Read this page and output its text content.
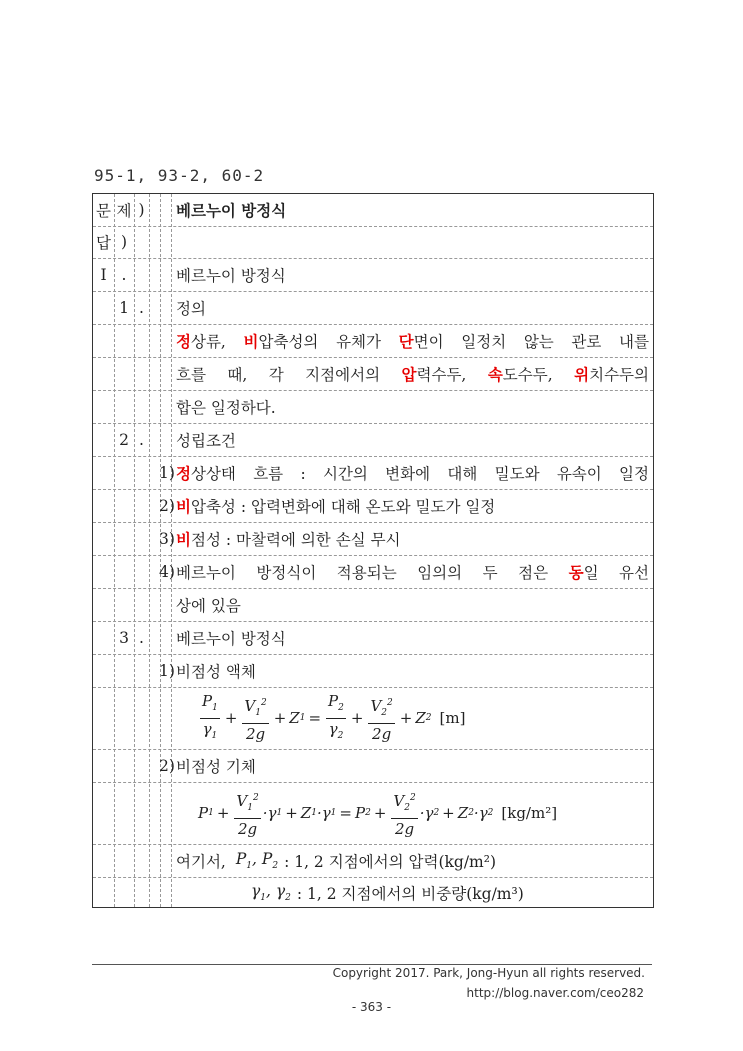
95-1, 93-2, 60-2
문 제 ) 베르누이 방정식
답 )
I .	베르누이 방정식
1 .	정의
정상류, 비압축성의 유체가 단면이 일정치 않는 관로 내를
흐를 때, 각 지점에서의 압력수두, 속도수두, 위치수두의
합은 일정하다.
2 .	성립조건
1) 정상상태 흐름 : 시간의 변화에 대해 밀도와 유속이 일정
2) 비압축성 : 압력변화에 대해 온도와 밀도가 일정
3) 비점성 : 마찰력에 의한 손실 무시
4) 베르누이 방정식이 적용되는 임의의 두 점은 동일 유선
상에 있음
3 .	베르누이 방정식
1) 비점성 액체
$\frac{P_1}{\gamma_1} + \frac{V_1^2}{2g} + Z$ $1 = \frac{P_2}{\gamma_2} + \frac{V_2^2}{2g} + Z$ 2 [m]
2) 비점성 기체
P $1 + \frac{V_1^2}{2g} \cdot\gamma$ 1 + Z 1 ·γ 1 = P $2 + \frac{V_2^2}{2g} \cdot\gamma$ 2 + Z 2 ·γ 2 [kg/m²]
여기서, $P_1$, $P_2$ : 1, 2 지점에서의 압력(kg/m²)
$\gamma_1$, $\gamma_2$ : 1, 2 지점에서의 비중량(kg/m³)
Copyright 2017. Park, Jong-Hyun all rights reserved.
http://blog.naver.com/ceo282
- 363 -
